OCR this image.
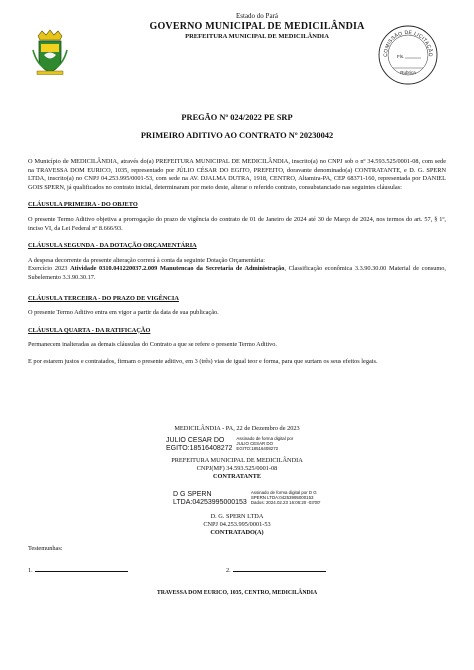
Estado do Pará
GOVERNO MUNICIPAL DE MEDICILÂNDIA
PREFEITURA MUNICIPAL DE MEDICILÂNDIA
COMISSÃO DE LICITAÇÃO
Fls.
Rubrica
PREGÃO Nº 024/2022 PE SRP
PRIMEIRO ADITIVO AO CONTRATO Nº 20230042

O Município de MEDICILÂNDIA, através do(a) PREFEITURA MUNICIPAL DE MEDICILÂNDIA, inscrito(a) no CNPJ sob o nº 34.593.525/0001-08, com sede na TRAVESSA DOM EURICO, 1035, representado por JÚLIO CÉSAR DO EGITO, PREFEITO, doravante denominado(a) CONTRATANTE, e D. G. SPERN LTDA, inscrito(a) no CNPJ 04.253.995/0001-53, com sede na AV. DJALMA DUTRA, 1918, CENTRO, Altamira-PA, CEP 68371-160, representada por DANIEL GOIS SPERN, já qualificados no contrato inicial, determinaram por meio deste, alterar o referido contrato, consubstanciado nas seguintes cláusulas:

CLÁUSULA PRIMEIRA - DO OBJETO

O presente Termo Aditivo objetiva a prorrogação do prazo de vigência do contrato de 01 de Janeiro de 2024 até 30 de Março de 2024, nos termos do art. 57, § 1º, inciso VI, da Lei Federal nº 8.666/93.

CLÁUSULA SEGUNDA - DA DOTAÇÃO ORÇAMENTÁRIA

A despesa decorrente da presente alteração correrá à conta da seguinte Dotação Orçamentária:

Exercício 2023 Atividade 0310.041220037.2.009 Manutencao da Secretaria de Administração, Classificação econômica 3.3.90.30.00 Material de consumo, Subelemento 3.3.90.30.17.

CLÁUSULA TERCEIRA - DO PRAZO DE VIGÊNCIA

O presente Termo Aditivo entra em vigor a partir da data de sua publicação.

CLÁUSULA QUARTA - DA RATIFICAÇÃO

Permanecem inalteradas as demais cláusulas do Contrato a que se refere o presente Termo Aditivo.

E por estarem justos e contratados, firmam o presente aditivo, em 3 (três) vias de igual teor e forma, para que surtam os seus efeitos legais.

MEDICILÂNDIA - PA, 22 de Dezembro de 2023
JULIO CESAR DO
EGITO:18516408272
Assinado de forma digital por
JULIO CESAR DO
EGITO:18516408272
PREFEITURA MUNICIPAL DE MEDICILÂNDIA
CNPJ(MF) 34.593.525/0001-08
CONTRATANTE
D G SPERN
LTDA:04253995000153
Assinado de forma digital por D G
SPERN LTDA:04253995000153
Dados: 2024.02.23 16:06:20 -03'00'
D. G. SPERN LTDA
CNPJ 04.253.995/0001-53
CONTRATADO(A)
Testemunhas:
1.	2.
TRAVESSA DOM EURICO, 1035, CENTRO, MEDICILÂNDIA
